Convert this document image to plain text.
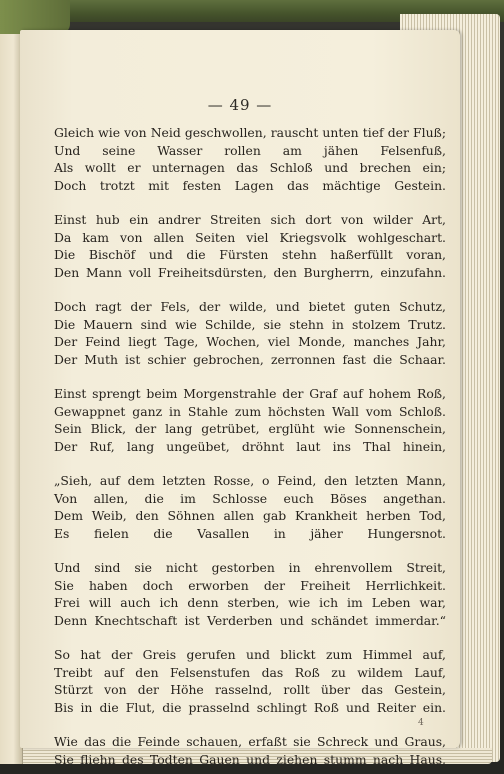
— 49 —
Gleich wie von Neid geschwollen, rauscht unten tief der Fluß;
Und seine Wasser rollen am jähen Felsenfuß,
Als wollt er unternagen das Schloß und brechen ein;
Doch trotzt mit festen Lagen das mächtige Gestein.
Einst hub ein andrer Streiten sich dort von wilder Art,
Da kam von allen Seiten viel Kriegsvolk wohlgeschart.
Die Bischöf und die Fürsten stehn haßerfüllt voran,
Den Mann voll Freiheitsdürsten, den Burgherrn, einzufahn.
Doch ragt der Fels, der wilde, und bietet guten Schutz,
Die Mauern sind wie Schilde, sie stehn in stolzem Trutz.
Der Feind liegt Tage, Wochen, viel Monde, manches Jahr,
Der Muth ist schier gebrochen, zerronnen fast die Schaar.
Einst sprengt beim Morgenstrahle der Graf auf hohem Roß,
Gewappnet ganz in Stahle zum höchsten Wall vom Schloß.
Sein Blick, der lang getrübet, erglüht wie Sonnenschein,
Der Ruf, lang ungeübet, dröhnt laut ins Thal hinein,
„Sieh, auf dem letzten Rosse, o Feind, den letzten Mann,
Von allen, die im Schlosse euch Böses angethan.
Dem Weib, den Söhnen allen gab Krankheit herben Tod,
Es fielen die Vasallen in jäher Hungersnot.
Und sind sie nicht gestorben in ehrenvollem Streit,
Sie haben doch erworben der Freiheit Herrlichkeit.
Frei will auch ich denn sterben, wie ich im Leben war,
Denn Knechtschaft ist Verderben und schändet immerdar.“
So hat der Greis gerufen und blickt zum Himmel auf,
Treibt auf den Felsenstufen das Roß zu wildem Lauf,
Stürzt von der Höhe rasselnd, rollt über das Gestein,
Bis in die Flut, die prasselnd schlingt Roß und Reiter ein.
Wie das die Feinde schauen, erfaßt sie Schreck und Graus,
Sie fliehn des Todten Gauen und ziehen stumm nach Haus,
4
